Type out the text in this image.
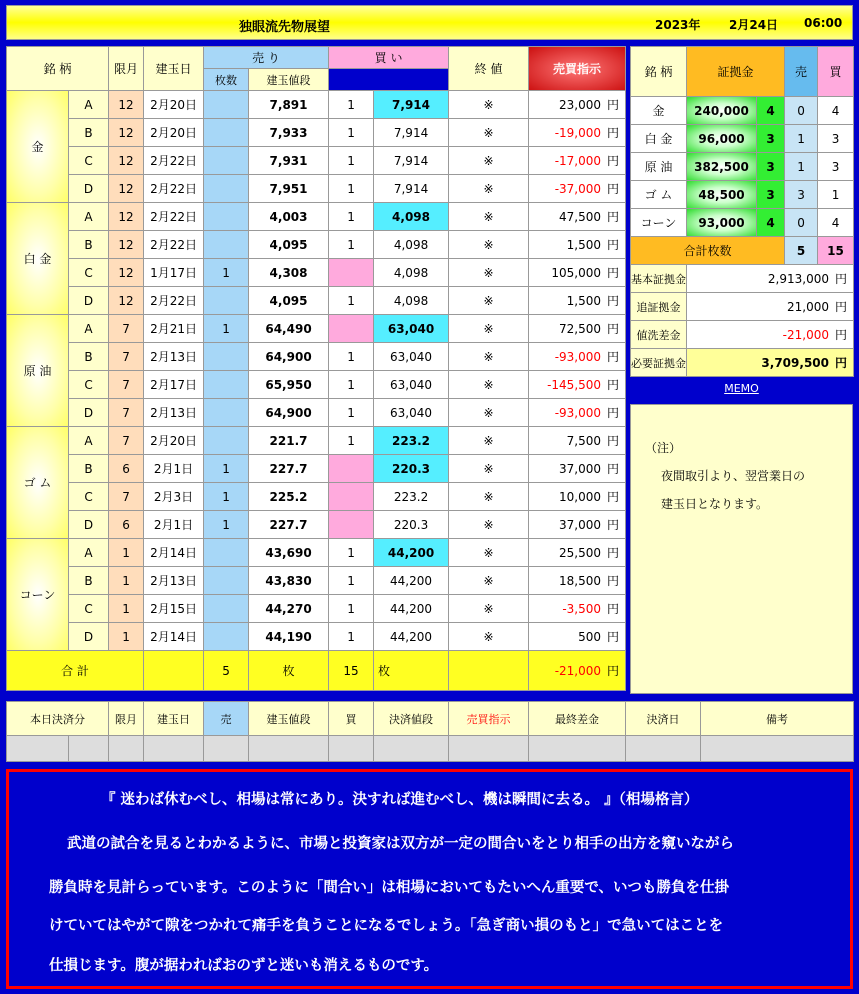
独眼流先物展望	2023年 2月24日 06:00
銘 柄		限月	建玉日	売 り		買 い		終 値	売買指示	
				枚数	建玉値段					
金	A	12	2月20日		7,891	1	7,914	※	23,000 円	
	B	12	2月20日		7,933	1	7,914	※	-19,000 円	
	C	12	2月22日		7,931	1	7,914	※	-17,000 円	
	D	12	2月22日		7,951	1	7,914	※	-37,000 円	
白 金	A	12	2月22日		4,003	1	4,098	※	47,500 円	
	B	12	2月22日		4,095	1	4,098	※	1,500 円	
	C	12	1月17日	1	4,308		4,098	※	105,000 円	
	D	12	2月22日		4,095	1	4,098	※	1,500 円	
原 油	A	7	2月21日	1	64,490		63,040	※	72,500 円	
	B	7	2月13日		64,900	1	63,040	※	-93,000 円	
	C	7	2月17日		65,950	1	63,040	※	-145,500 円	
	D	7	2月13日		64,900	1	63,040	※	-93,000 円	
ゴ ム	A	7	2月20日		221.7	1	223.2	※	7,500 円	
	B	6	2月1日	1	227.7		220.3	※	37,000 円	
	C	7	2月3日	1	225.2		223.2	※	10,000 円	
	D	6	2月1日	1	227.7		220.3	※	37,000 円	
コーン	A	1	2月14日		43,690	1	44,200	※	25,500 円	
	B	1	2月13日		43,830	1	44,200	※	18,500 円	
	C	1	2月15日		44,270	1	44,200	※	-3,500 円	
	D	1	2月14日		44,190	1	44,200	※	500 円	
合 計				5	枚	15	枚		-21,000 円	
銘 柄	証拠金		売	買
金	240,000	4	0	4
白 金	96,000	3	1	3
原 油	382,500	3	1	3
ゴ ム	48,500	3	3	1
コーン	93,000	4	0	4
合計枚数			5	15
基本証拠金	2,913,000 円			
追証拠金	21,000 円			
値洗差金	-21,000 円			
必要証拠金	3,709,500 円			
MEMO
（注）
夜間取引より、翌営業日の
建玉日となります。
本日決済分		限月	建玉日	売	建玉値段	買	決済値段	売買指示	最終差金	決済日	備考

『 迷わば休むべし、相場は常にあり。決すれば進むべし、機は瞬間に去る。 』（相場格言）

武道の試合を見るとわかるように、市場と投資家は双方が一定の間合いをとり相手の出方を窺いながら

勝負時を見計らっています。このように「間合い」は相場においてもたいへん重要で、いつも勝負を仕掛

けていてはやがて隙をつかれて痛手を負うことになるでしょう。「急ぎ商い損のもと」で急いてはことを

仕損じます。腹が据わればおのずと迷いも消えるものです。
